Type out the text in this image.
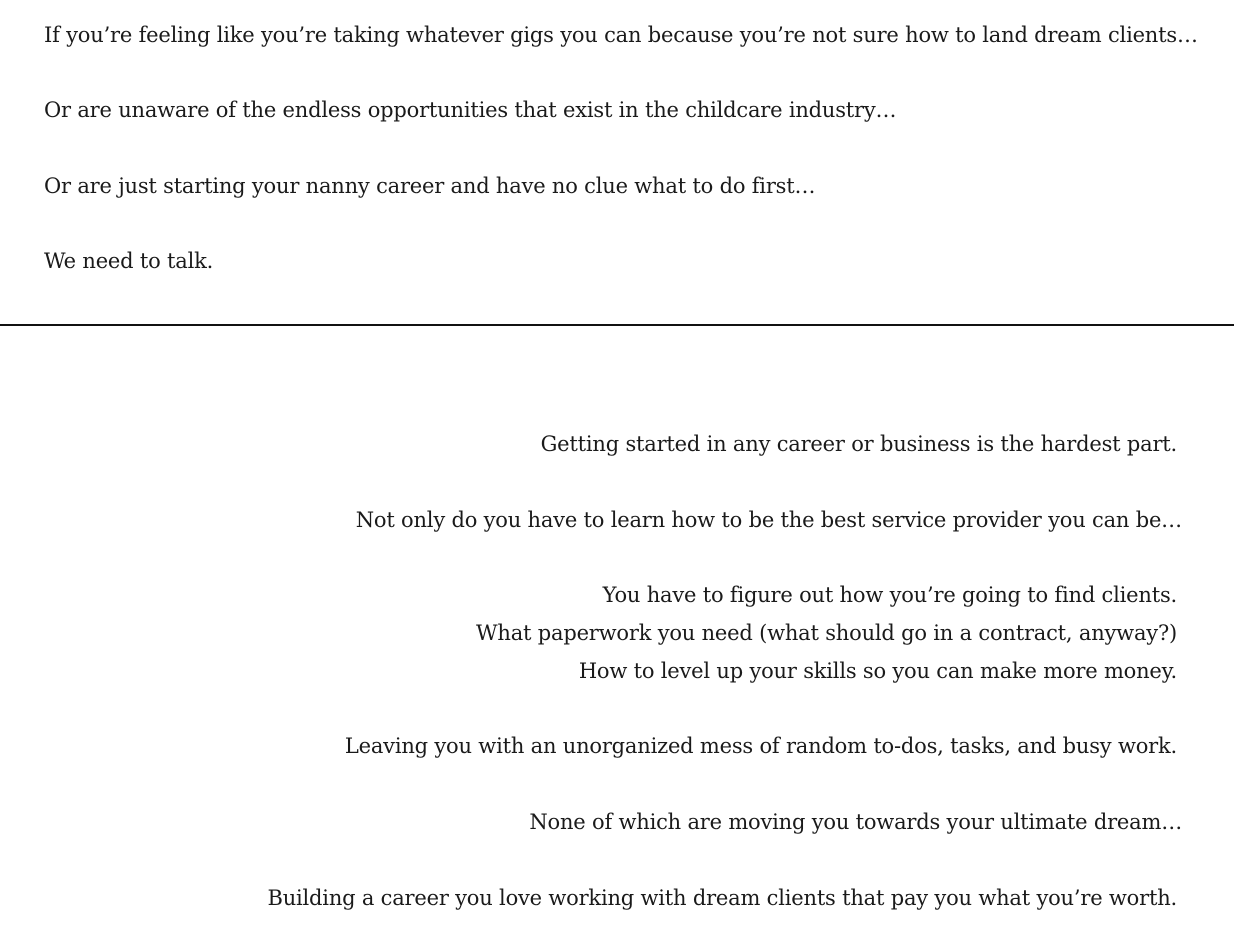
If you’re feeling like you’re taking whatever gigs you can because you’re not sure how to land dream clients…

Or are unaware of the endless opportunities that exist in the childcare industry…

Or are just starting your nanny career and have no clue what to do first…

We need to talk.

Getting started in any career or business is the hardest part.

Not only do you have to learn how to be the best service provider you can be…

You have to figure out how you’re going to find clients.

What paperwork you need (what should go in a contract, anyway?)

How to level up your skills so you can make more money.

Leaving you with an unorganized mess of random to-dos, tasks, and busy work.

None of which are moving you towards your ultimate dream…

Building a career you love working with dream clients that pay you what you’re worth.
